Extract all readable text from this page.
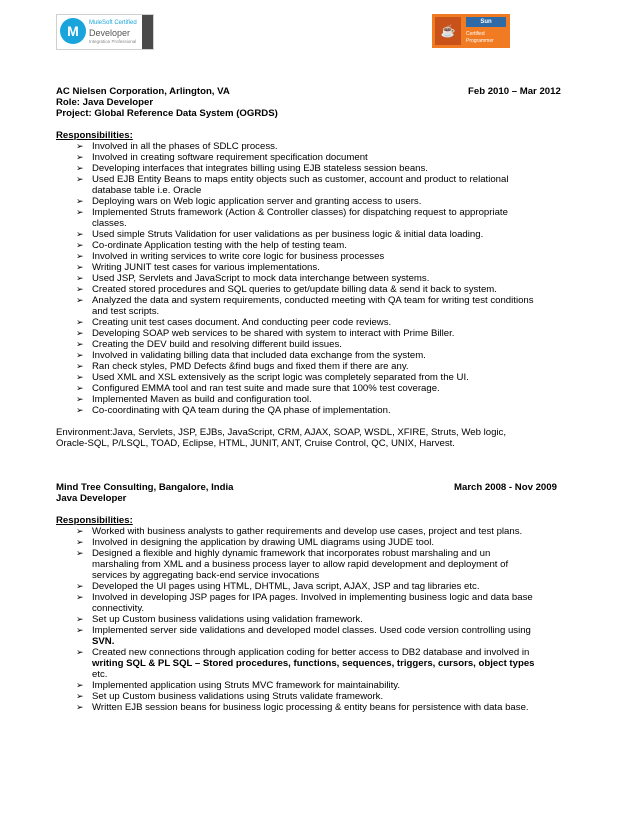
M	MuleSoft Certified
Developer
Integration Professional
☕
Sun
Certified
Programmer
AC Nielsen Corporation, Arlington, VA	Feb 2010 – Mar 2012
Role: Java Developer
Project: Global Reference Data System (OGRDS)
Responsibilities:
➢ Involved in all the phases of SDLC process.
➢ Involved in creating software requirement specification document
➢ Developing interfaces that integrates billing using EJB stateless session beans.
➢ Used EJB Entity Beans to maps entity objects such as customer, account and product to relational
database table i.e. Oracle
➢ Deploying wars on Web logic application server and granting access to users.
➢ Implemented Struts framework (Action & Controller classes) for dispatching request to appropriate
classes.
➢ Used simple Struts Validation for user validations as per business logic & initial data loading.
➢ Co-ordinate Application testing with the help of testing team.
➢ Involved in writing services to write core logic for business processes
➢ Writing JUNIT test cases for various implementations.
➢ Used JSP, Servlets and JavaScript to mock data interchange between systems.
➢ Created stored procedures and SQL queries to get/update billing data & send it back to system.
➢ Analyzed the data and system requirements, conducted meeting with QA team for writing test conditions
and test scripts.
➢ Creating unit test cases document. And conducting peer code reviews.
➢ Developing SOAP web services to be shared with system to interact with Prime Biller.
➢ Creating the DEV build and resolving different build issues.
➢ Involved in validating billing data that included data exchange from the system.
➢ Ran check styles, PMD Defects &find bugs and fixed them if there are any.
➢ Used XML and XSL extensively as the script logic was completely separated from the UI.
➢ Configured EMMA tool and ran test suite and made sure that 100% test coverage.
➢ Implemented Maven as build and configuration tool.
➢ Co-coordinating with QA team during the QA phase of implementation.
Environment:Java, Servlets, JSP, EJBs, JavaScript, CRM, AJAX, SOAP, WSDL, XFIRE, Struts, Web logic,
Oracle-SQL, P/LSQL, TOAD, Eclipse, HTML, JUNIT, ANT, Cruise Control, QC, UNIX, Harvest.
Mind Tree Consulting, Bangalore, India	March 2008 - Nov 2009
Java Developer
Responsibilities:
➢ Worked with business analysts to gather requirements and develop use cases, project and test plans.
➢ Involved in designing the application by drawing UML diagrams using JUDE tool.
➢ Designed a flexible and highly dynamic framework that incorporates robust marshaling and un
marshaling from XML and a business process layer to allow rapid development and deployment of
services by aggregating back-end service invocations
➢ Developed the UI pages using HTML, DHTML, Java script, AJAX, JSP and tag libraries etc.
➢ Involved in developing JSP pages for IPA pages. Involved in implementing business logic and data base
connectivity.
➢ Set up Custom business validations using validation framework.
➢ Implemented server side validations and developed model classes. Used code version controlling using
SVN.
➢ Created new connections through application coding for better access to DB2 database and involved in
writing SQL & PL SQL – Stored procedures, functions, sequences, triggers, cursors, object types
etc.
➢ Implemented application using Struts MVC framework for maintainability.
➢ Set up Custom business validations using Struts validate framework.
➢ Written EJB session beans for business logic processing & entity beans for persistence with data base.
